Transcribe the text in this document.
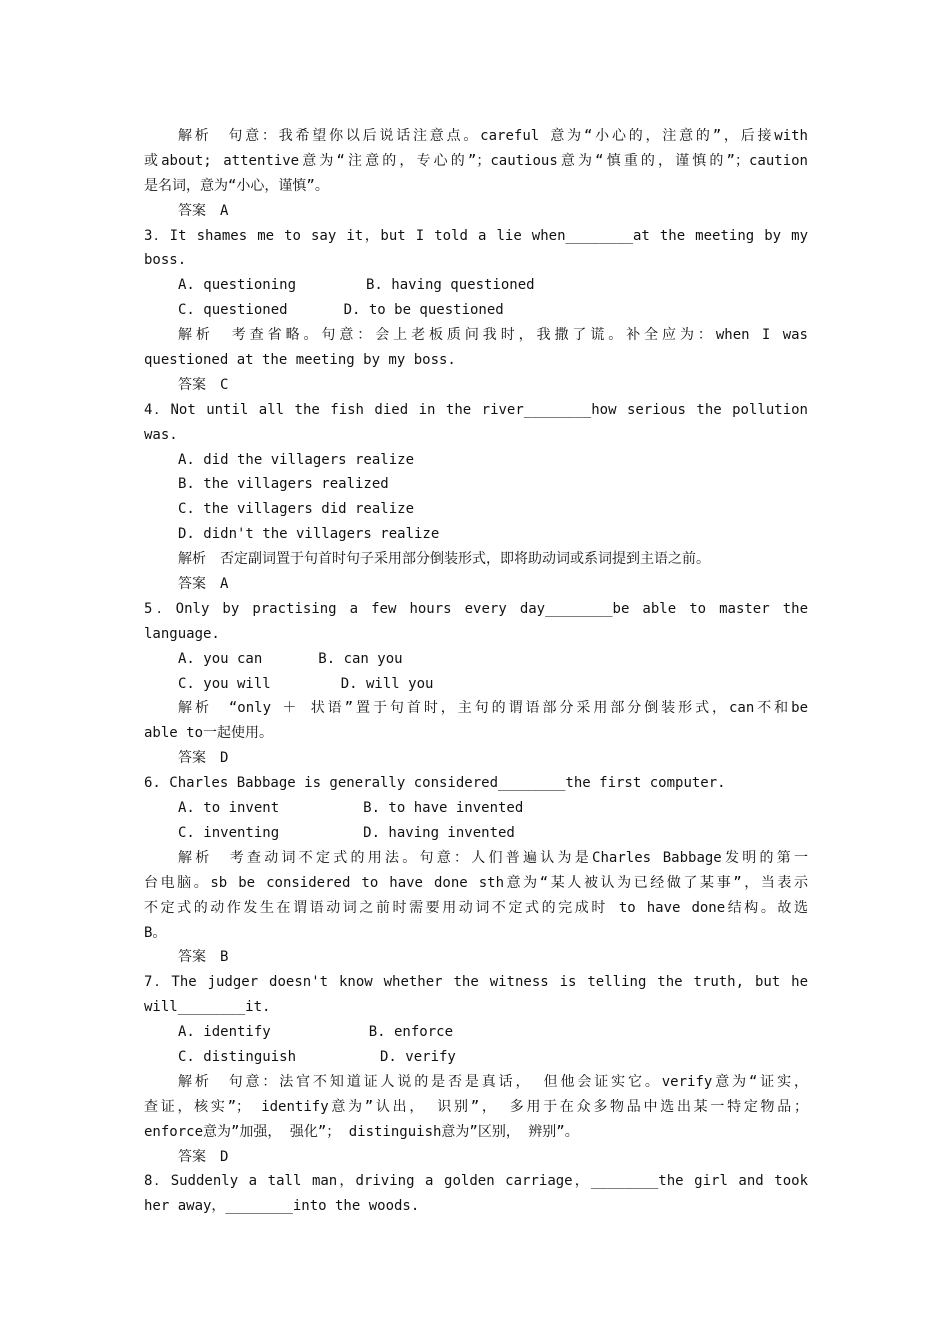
解析　句意：我希望你以后说话注意点。careful 意为“小心的，注意的”，后接with
或about; attentive意为“注意的，专心的”；cautious意为“慎重的，谨慎的”；caution
是名词，意为“小心，谨慎”。
答案　A
3．It shames me to say it，but I told a lie when________at the meeting by my
boss.
A. questioning　　　　　B. having questioned
C. questioned　　　　D. to be questioned
解析　考查省略。句意：会上老板质问我时，我撒了谎。补全应为：when I was
questioned at the meeting by my boss.
答案　C
4．Not until all the fish died in the river________how serious the pollution
was.
A. did the villagers realize
B. the villagers realized
C. the villagers did realize
D. didn't the villagers realize
解析　否定副词置于句首时句子采用部分倒装形式，即将助动词或系词提到主语之前。
答案　A
5．Only by practising a few hours every day________be able to master the
language.
A. you can　　　　B. can you
C. you will　　　　　D. will you
解析　“only ＋ 状语”置于句首时，主句的谓语部分采用部分倒装形式，can不和be
able to一起使用。
答案　D
6. Charles Babbage is generally considered________the first computer.
A. to invent　　　　　　B. to have invented
C. inventing　　　　　　D. having invented
解析　考查动词不定式的用法。句意：人们普遍认为是Charles Babbage发明的第一
台电脑。sb be considered to have done sth意为“某人被认为已经做了某事”，当表示
不定式的动作发生在谓语动词之前时需要用动词不定式的完成时 to have done结构。故选
B。
答案　B
7．The judger doesn't know whether the witness is telling the truth, but he
will________it.
A. identify　　　　　　　B. enforce
C. distinguish　　　　　　D. verify
解析　句意：法官不知道证人说的是否是真话， 但他会证实它。verify意为“证实，
查证，核实”； identify意为”认出， 识别”， 多用于在众多物品中选出某一特定物品；
enforce意为”加强， 强化”； distinguish意为”区别， 辨别”。
答案　D
8．Suddenly a tall man，driving a golden carriage，________the girl and took
her away，________into the woods.
